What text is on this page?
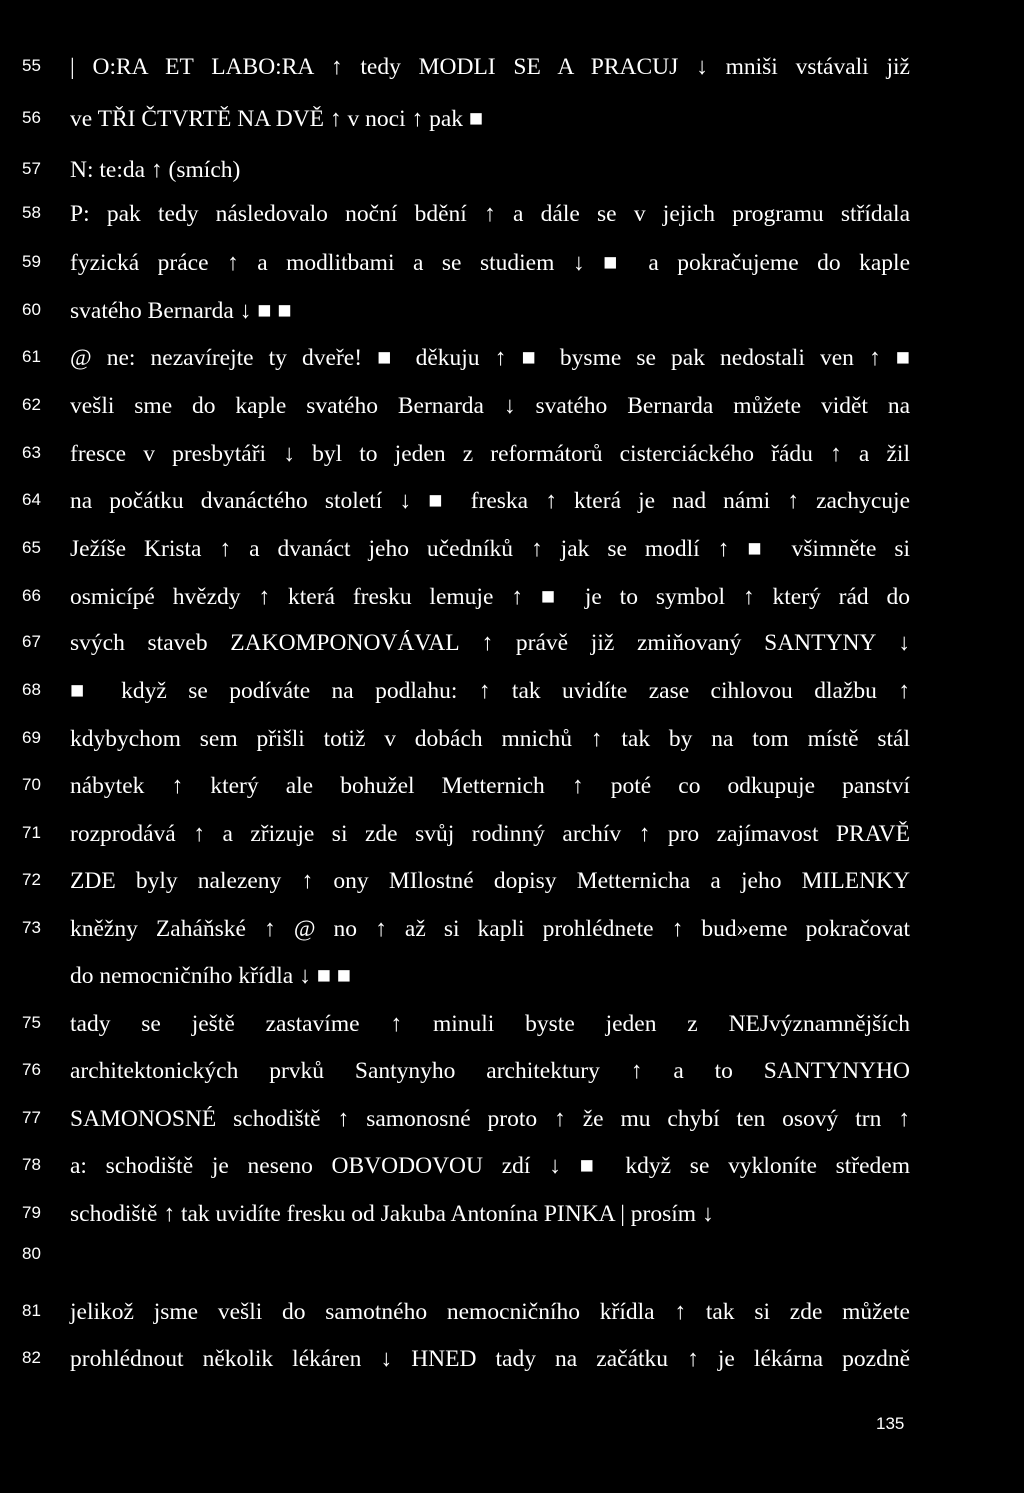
55	| O:RA ET LABO:RA ↑ tedy MODLI SE A PRACUJ ↓ mniši vstávali již
56	ve TŘI ČTVRTĚ NA DVĚ ↑ v noci ↑ pak ■
57	N: te:da ↑ (smích)
58	P: pak tedy následovalo noční bdění ↑ a dále se v jejich programu střídala
59	fyzická práce ↑ a modlitbami a se studiem ↓ ■ a pokračujeme do kaple
60	svatého Bernarda ↓ ■ ■
61	@ ne: nezavírejte ty dveře! ■ děkuju ↑ ■ bysme se pak nedostali ven ↑ ■
62	vešli sme do kaple svatého Bernarda ↓ svatého Bernarda můžete vidět na
63	fresce v presbytáři ↓ byl to jeden z reformátorů cisterciáckého řádu ↑ a žil
64	na počátku dvanáctého století ↓ ■ freska ↑ která je nad námi ↑ zachycuje
65	Ježíše Krista ↑ a dvanáct jeho učedníků ↑ jak se modlí ↑ ■ všimněte si
66	osmicípé hvězdy ↑ která fresku lemuje ↑ ■ je to symbol ↑ který rád do
67	svých staveb ZAKOMPONOVÁVAL ↑ právě již zmiňovaný SANTYNY ↓
68	■ když se podíváte na podlahu: ↑ tak uvidíte zase cihlovou dlažbu ↑
69	kdybychom sem přišli totiž v dobách mnichů ↑ tak by na tom místě stál
70	nábytek ↑ který ale bohužel Metternich ↑ poté co odkupuje panství
71	rozprodává ↑ a zřizuje si zde svůj rodinný archív ↑ pro zajímavost PRAVĚ
72	ZDE byly nalezeny ↑ ony MIlostné dopisy Metternicha a jeho MILENKY
73	kněžny Zaháňské ↑ @ no ↑ až si kapli prohlédnete ↑ bud»eme pokračovat
do nemocničního křídla ↓ ■ ■
75	tady se ještě zastavíme ↑ minuli byste jeden z NEJvýznamnějších
76	architektonických prvků Santynyho architektury ↑ a to SANTYNYHO
77	SAMONOSNÉ schodiště ↑ samonosné proto ↑ že mu chybí ten osový trn ↑
78	a: schodiště je neseno OBVODOVOU zdí ↓ ■ když se vykloníte středem
79	schodiště ↑ tak uvidíte fresku od Jakuba Antonína PINKA | prosím ↓
80
81	jelikož jsme vešli do samotného nemocničního křídla ↑ tak si zde můžete
82	prohlédnout několik lékáren ↓ HNED tady na začátku ↑ je lékárna pozdně
135
